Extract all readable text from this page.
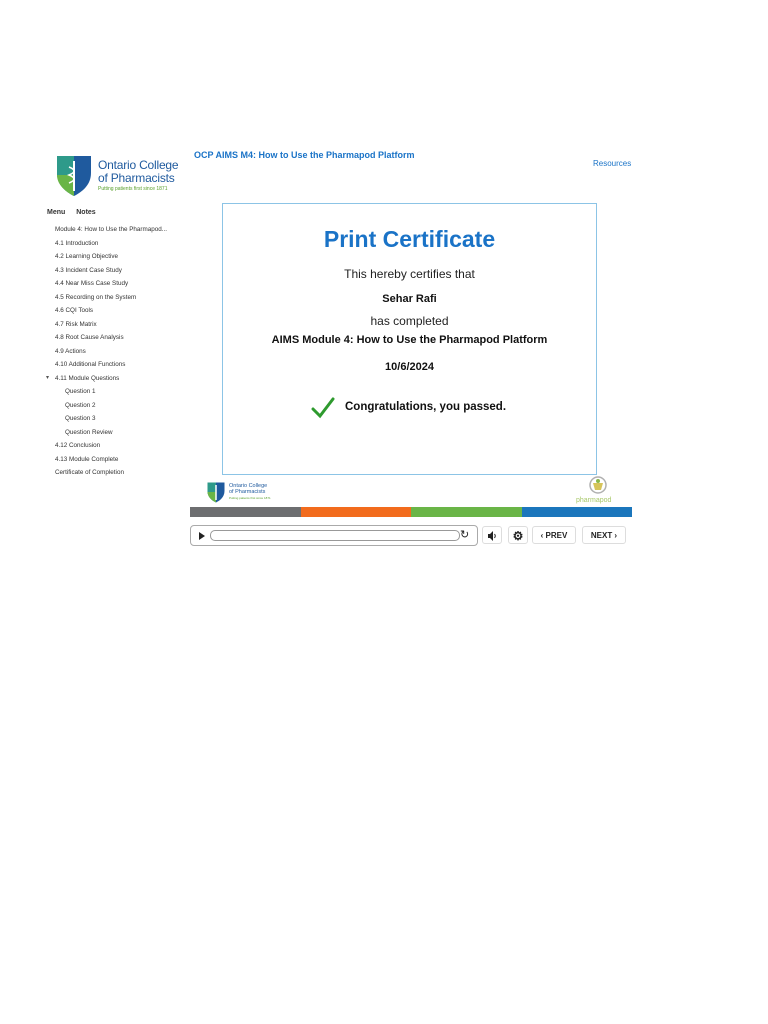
Ontario College
of Pharmacists
Putting patients first since 1871
OCP AIMS M4: How to Use the Pharmapod Platform
Resources
Menu Notes
Module 4: How to Use the Pharmapod...
4.1 Introduction
4.2 Learning Objective
4.3 Incident Case Study
4.4 Near Miss Case Study
4.5 Recording on the System
4.6 CQI Tools
4.7 Risk Matrix
4.8 Root Cause Analysis
4.9 Actions
4.10 Additional Functions
▾ 4.11 Module Questions
Question 1
Question 2
Question 3
Question Review
4.12 Conclusion
4.13 Module Complete
Certificate of Completion
Print Certificate
This hereby certifies that
Sehar Rafi
has completed
AIMS Module 4: How to Use the Pharmapod Platform
10/6/2024
Congratulations, you passed.
Ontario College
of Pharmacists
Putting patients first since 1871	pharmapod
↻	⚙	‹ PREV	NEXT ›
